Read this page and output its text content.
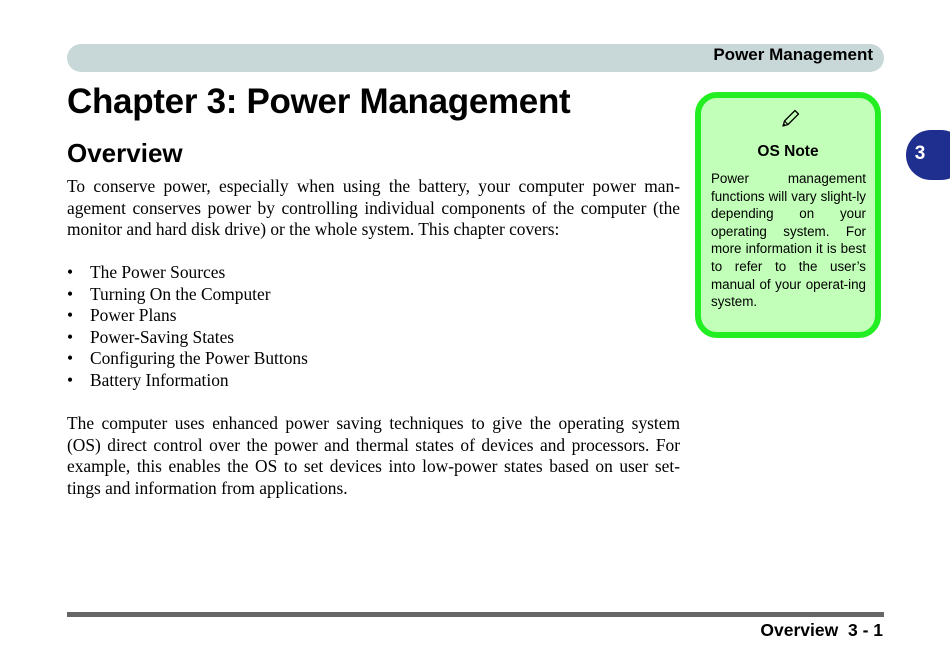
Power Management
Chapter 3: Power Management
Overview

To conserve power, especially when using the battery, your computer power man-agement conserves power by controlling individual components of the computer (the monitor and hard disk drive) or the whole system. This chapter covers:

• The Power Sources
• Turning On the Computer
• Power Plans
• Power-Saving States
• Configuring the Power Buttons
• Battery Information

The computer uses enhanced power saving techniques to give the operating system (OS) direct control over the power and thermal states of devices and processors. For example, this enables the OS to set devices into low-power states based on user set-tings and information from applications.

OS Note

Power management functions will vary slight-ly depending on your operating system. For more information it is best to refer to the user’s manual of your operat-ing system.

3
Overview  3 - 1
